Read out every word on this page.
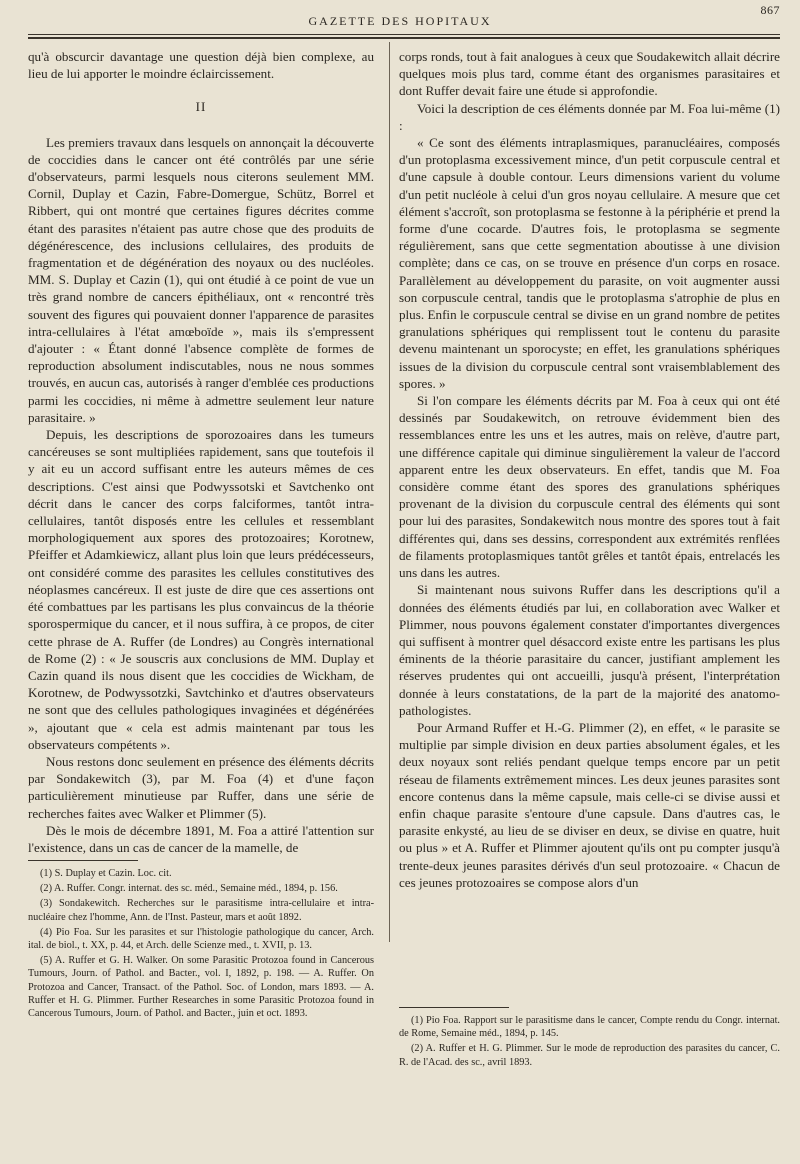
867
GAZETTE DES HOPITAUX

qu'à obscurcir davantage une question déjà bien complexe, au lieu de lui apporter le moindre éclaircissement.

II

Les premiers travaux dans lesquels on annonçait la découverte de coccidies dans le cancer ont été contrôlés par une série d'observateurs, parmi lesquels nous citerons seulement MM. Cornil, Duplay et Cazin, Fabre-Domergue, Schütz, Borrel et Ribbert, qui ont montré que certaines figures décrites comme étant des parasites n'étaient pas autre chose que des produits de dégénérescence, des inclusions cellulaires, des produits de fragmentation et de dégénération des noyaux ou des nucléoles. MM. S. Duplay et Cazin (1), qui ont étudié à ce point de vue un très grand nombre de cancers épithéliaux, ont « rencontré très souvent des figures qui pouvaient donner l'apparence de parasites intra-cellulaires à l'état amœboïde », mais ils s'empressent d'ajouter : « Étant donné l'absence complète de formes de reproduction absolument indiscutables, nous ne nous sommes trouvés, en aucun cas, autorisés à ranger d'emblée ces productions parmi les coccidies, ni même à admettre seulement leur nature parasitaire. »

Depuis, les descriptions de sporozoaires dans les tumeurs cancéreuses se sont multipliées rapidement, sans que toutefois il y ait eu un accord suffisant entre les auteurs mêmes de ces descriptions. C'est ainsi que Podwyssotski et Savtchenko ont décrit dans le cancer des corps falciformes, tantôt intra-cellulaires, tantôt disposés entre les cellules et ressemblant morphologiquement aux spores des protozoaires; Korotnew, Pfeiffer et Adamkiewicz, allant plus loin que leurs prédécesseurs, ont considéré comme des parasites les cellules constitutives des néoplasmes cancéreux. Il est juste de dire que ces assertions ont été combattues par les partisans les plus convaincus de la théorie sporospermique du cancer, et il nous suffira, à ce propos, de citer cette phrase de A. Ruffer (de Londres) au Congrès international de Rome (2) : « Je souscris aux conclusions de MM. Duplay et Cazin quand ils nous disent que les coccidies de Wickham, de Korotnew, de Podwyssotzki, Savtchinko et d'autres observateurs ne sont que des cellules pathologiques invaginées et dégénérées », ajoutant que « cela est admis maintenant par tous les observateurs compétents ».

Nous restons donc seulement en présence des éléments décrits par Sondakewitch (3), par M. Foa (4) et d'une façon particulièrement minutieuse par Ruffer, dans une série de recherches faites avec Walker et Plimmer (5).

Dès le mois de décembre 1891, M. Foa a attiré l'attention sur l'existence, dans un cas de cancer de la mamelle, de

(1) S. Duplay et Cazin. Loc. cit.

(2) A. Ruffer. Congr. internat. des sc. méd., Semaine méd., 1894, p. 156.

(3) Sondakewitch. Recherches sur le parasitisme intra-cellulaire et intra-nucléaire chez l'homme, Ann. de l'Inst. Pasteur, mars et août 1892.

(4) Pio Foa. Sur les parasites et sur l'histologie pathologique du cancer, Arch. ital. de biol., t. XX, p. 44, et Arch. delle Scienze med., t. XVII, p. 13.

(5) A. Ruffer et G. H. Walker. On some Parasitic Protozoa found in Cancerous Tumours, Journ. of Pathol. and Bacter., vol. I, 1892, p. 198. — A. Ruffer. On Protozoa and Cancer, Transact. of the Pathol. Soc. of London, mars 1893. — A. Ruffer et H. G. Plimmer. Further Researches in some Parasitic Protozoa found in Cancerous Tumours, Journ. of Pathol. and Bacter., juin et oct. 1893.

corps ronds, tout à fait analogues à ceux que Soudakewitch allait décrire quelques mois plus tard, comme étant des organismes parasitaires et dont Ruffer devait faire une étude si approfondie.

Voici la description de ces éléments donnée par M. Foa lui-même (1) :

« Ce sont des éléments intraplasmiques, paranucléaires, composés d'un protoplasma excessivement mince, d'un petit corpuscule central et d'une capsule à double contour. Leurs dimensions varient du volume d'un petit nucléole à celui d'un gros noyau cellulaire. A mesure que cet élément s'accroît, son protoplasma se festonne à la périphérie et prend la forme d'une cocarde. D'autres fois, le protoplasma se segmente régulièrement, sans que cette segmentation aboutisse à une division complète; dans ce cas, on se trouve en présence d'un corps en rosace. Parallèlement au développement du parasite, on voit augmenter aussi son corpuscule central, tandis que le protoplasma s'atrophie de plus en plus. Enfin le corpuscule central se divise en un grand nombre de petites granulations sphériques qui remplissent tout le contenu du parasite devenu maintenant un sporocyste; en effet, les granulations sphériques issues de la division du corpuscule central sont vraisemblablement des spores. »

Si l'on compare les éléments décrits par M. Foa à ceux qui ont été dessinés par Soudakewitch, on retrouve évidemment bien des ressemblances entre les uns et les autres, mais on relève, d'autre part, une différence capitale qui diminue singulièrement la valeur de l'accord apparent entre les deux observateurs. En effet, tandis que M. Foa considère comme étant des spores des granulations sphériques provenant de la division du corpuscule central des éléments qui sont pour lui des parasites, Sondakewitch nous montre des spores tout à fait différentes qui, dans ses dessins, correspondent aux extrémités renflées de filaments protoplasmiques tantôt grêles et tantôt épais, entrelacés les uns dans les autres.

Si maintenant nous suivons Ruffer dans les descriptions qu'il a données des éléments étudiés par lui, en collaboration avec Walker et Plimmer, nous pouvons également constater d'importantes divergences qui suffisent à montrer quel désaccord existe entre les partisans les plus éminents de la théorie parasitaire du cancer, justifiant amplement les réserves prudentes qui ont accueilli, jusqu'à présent, l'interprétation donnée à leurs constatations, de la part de la majorité des anatomo-pathologistes.

Pour Armand Ruffer et H.-G. Plimmer (2), en effet, « le parasite se multiplie par simple division en deux parties absolument égales, et les deux noyaux sont reliés pendant quelque temps encore par un petit réseau de filaments extrêmement minces. Les deux jeunes parasites sont encore contenus dans la même capsule, mais celle-ci se divise aussi et enfin chaque parasite s'entoure d'une capsule. Dans d'autres cas, le parasite enkysté, au lieu de se diviser en deux, se divise en quatre, huit ou plus » et A. Ruffer et Plimmer ajoutent qu'ils ont pu compter jusqu'à trente-deux jeunes parasites dérivés d'un seul protozoaire. « Chacun de ces jeunes protozoaires se compose alors d'un

(1) Pio Foa. Rapport sur le parasitisme dans le cancer, Compte rendu du Congr. internat. de Rome, Semaine méd., 1894, p. 145.

(2) A. Ruffer et H. G. Plimmer. Sur le mode de reproduction des parasites du cancer, C. R. de l'Acad. des sc., avril 1893.
